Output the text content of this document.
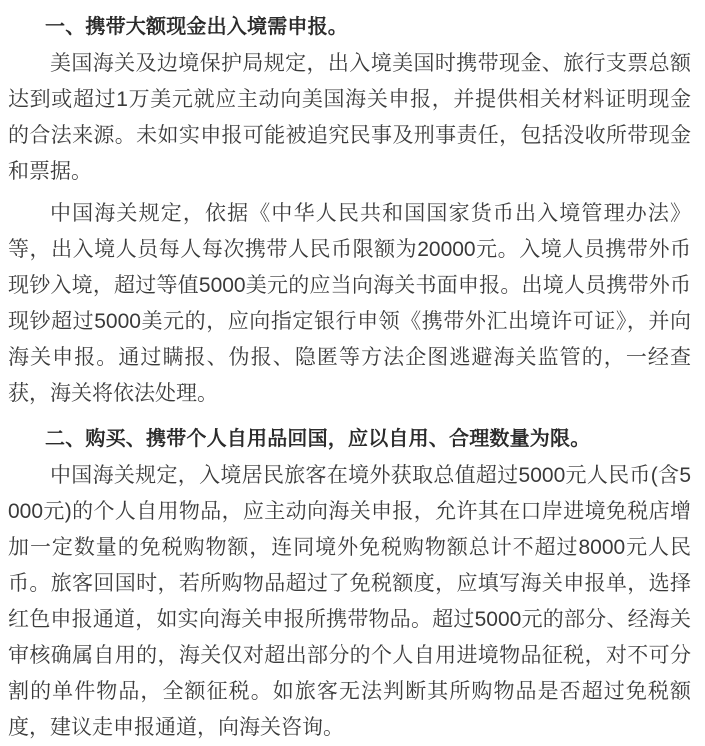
一、携带大额现金出入境需申报。

美国海关及边境保护局规定，出入境美国时携带现金、旅行支票总额达到或超过1万美元就应主动向美国海关申报，并提供相关材料证明现金的合法来源。未如实申报可能被追究民事及刑事责任，包括没收所带现金和票据。

中国海关规定，依据《中华人民共和国国家货币出入境管理办法》等，出入境人员每人每次携带人民币限额为20000元。入境人员携带外币现钞入境，超过等值5000美元的应当向海关书面申报。出境人员携带外币现钞超过5000美元的，应向指定银行申领《携带外汇出境许可证》，并向海关申报。通过瞒报、伪报、隐匿等方法企图逃避海关监管的，一经查获，海关将依法处理。

二、购买、携带个人自用品回国，应以自用、合理数量为限。

中国海关规定，入境居民旅客在境外获取总值超过5000元人民币(含5000元)的个人自用物品，应主动向海关申报，允许其在口岸进境免税店增加一定数量的免税购物额，连同境外免税购物额总计不超过8000元人民币。旅客回国时，若所购物品超过了免税额度，应填写海关申报单，选择红色申报通道，如实向海关申报所携带物品。超过5000元的部分、经海关审核确属自用的，海关仅对超出部分的个人自用进境物品征税，对不可分割的单件物品，全额征税。如旅客无法判断其所购物品是否超过免税额度，建议走申报通道，向海关咨询。
